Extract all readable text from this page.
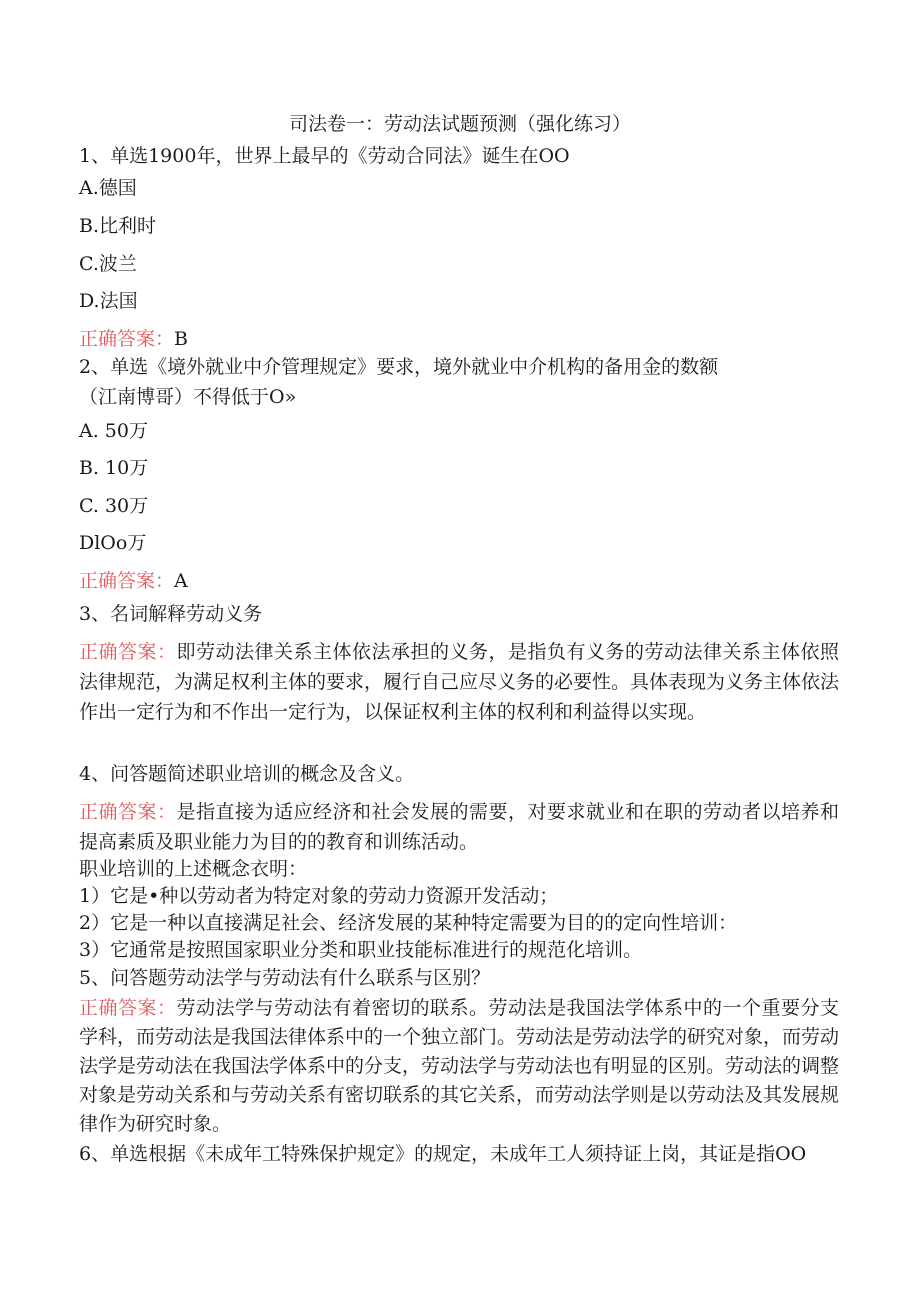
司法卷一：劳动法试题预测（强化练习）
1、单选1900年，世界上最早的《劳动合同法》诞生在OO
A.德国
B.比利时
C.波兰
D.法国
正确答案：B
2、单选《境外就业中介管理规定》要求，境外就业中介机构的备用金的数额
（江南博哥）不得低于O»
A. 50万
B. 10万
C. 30万
DlOo万
正确答案：A
3、名词解释劳动义务
正确答案：即劳动法律关系主体依法承担的义务，是指负有义务的劳动法律关系主体依照法律规范，为满足权利主体的要求，履行自己应尽义务的必要性。具体表现为义务主体依法作出一定行为和不作出一定行为，以保证权利主体的权利和利益得以实现。
4、问答题简述职业培训的概念及含义。
正确答案：是指直接为适应经济和社会发展的需要，对要求就业和在职的劳动者以培养和提高素质及职业能力为目的的教育和训练活动。
职业培训的上述概念衣明：
1）它是•种以劳动者为特定对象的劳动力资源开发活动；
2）它是一种以直接满足社会、经济发展的某种特定需要为目的的定向性培训：
3）它通常是按照国家职业分类和职业技能标准进行的规范化培训。
5、问答题劳动法学与劳动法有什么联系与区别？
正确答案：劳动法学与劳动法有着密切的联系。劳动法是我国法学体系中的一个重要分支学科，而劳动法是我国法律体系中的一个独立部门。劳动法是劳动法学的研究对象，而劳动法学是劳动法在我国法学体系中的分支，劳动法学与劳动法也有明显的区别。劳动法的调整对象是劳动关系和与劳动关系有密切联系的其它关系，而劳动法学则是以劳动法及其发展规律作为研究时象。
6、单选根据《未成年工特殊保护规定》的规定，未成年工人须持证上岗，其证是指OO
